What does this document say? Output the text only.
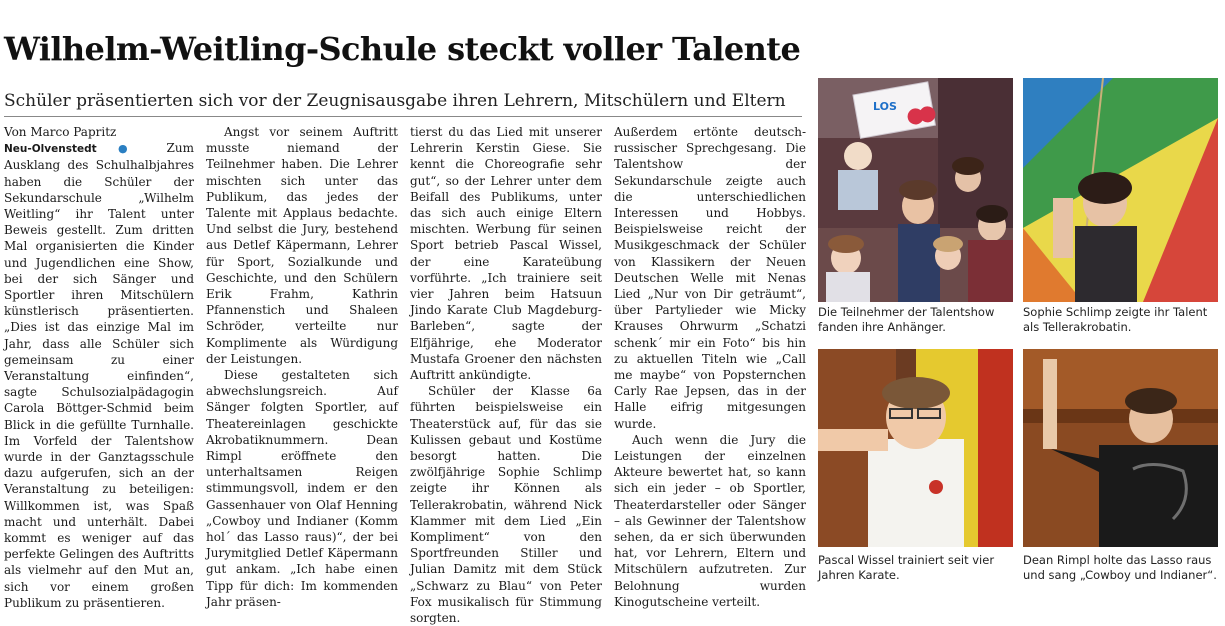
Wilhelm-Weitling-Schule steckt voller Talente

Schüler präsentierten sich vor der Zeugnisausgabe ihren Lehrern, Mitschülern und Eltern

Von Marco Papritz

Neu-Olvenstedt ● Zum Ausklang des Schulhalbjahres haben die Schüler der Sekundarschule „Wilhelm Weitling“ ihr Talent unter Beweis gestellt. Zum dritten Mal organisierten die Kinder und Jugendlichen eine Show, bei der sich Sänger und Sportler ihren Mitschülern künstlerisch präsentierten. „Dies ist das einzige Mal im Jahr, dass alle Schüler sich gemeinsam zu einer Veranstaltung einfinden“, sagte Schulsozialpädagogin Carola Böttger-Schmid beim Blick in die gefüllte Turnhalle. Im Vorfeld der Talentshow wurde in der Ganztagsschule dazu aufgerufen, sich an der Veranstaltung zu beteiligen: Willkommen ist, was Spaß macht und unterhält. Dabei kommt es weniger auf das perfekte Gelingen des Auftritts als vielmehr auf den Mut an, sich vor einem großen Publikum zu präsentieren.

Angst vor seinem Auftritt musste niemand der Teilnehmer haben. Die Lehrer mischten sich unter das Publikum, das jedes der Talente mit Applaus bedachte. Und selbst die Jury, bestehend aus Detlef Käpermann, Lehrer für Sport, Sozialkunde und Geschichte, und den Schülern Erik Frahm, Kathrin Pfannenstich und Shaleen Schröder, verteilte nur Komplimente als Würdigung der Leistungen.

Diese gestalteten sich abwechslungsreich. Auf Sänger folgten Sportler, auf Theatereinlagen geschickte Akrobatiknummern. Dean Rimpl eröffnete den unterhaltsamen Reigen stimmungsvoll, indem er den Gassenhauer von Olaf Henning „Cowboy und Indianer (Komm hol´ das Lasso raus)“, der bei Jurymitglied Detlef Käpermann gut ankam. „Ich habe einen Tipp für dich: Im kommenden Jahr präsen-

tierst du das Lied mit unserer Lehrerin Kerstin Giese. Sie kennt die Choreografie sehr gut“, so der Lehrer unter dem Beifall des Publikums, unter das sich auch einige Eltern mischten. Werbung für seinen Sport betrieb Pascal Wissel, der eine Karateübung vorführte. „Ich trainiere seit vier Jahren beim Hatsuun Jindo Karate Club Magdeburg-Barleben“, sagte der Elfjährige, ehe Moderator Mustafa Groener den nächsten Auftritt ankündigte.

Schüler der Klasse 6a führten beispielsweise ein Theaterstück auf, für das sie Kulissen gebaut und Kostüme besorgt hatten. Die zwölfjährige Sophie Schlimp zeigte ihr Können als Tellerakrobatin, während Nick Klammer mit dem Lied „Ein Kompliment“ von den Sportfreunden Stiller und Julian Damitz mit dem Stück „Schwarz zu Blau“ von Peter Fox musikalisch für Stimmung sorgten.

Außerdem ertönte deutsch-russischer Sprechgesang. Die Talentshow der Sekundarschule zeigte auch die unterschiedlichen Interessen und Hobbys. Beispielsweise reicht der Musikgeschmack der Schüler von Klassikern der Neuen Deutschen Welle mit Nenas Lied „Nur von Dir geträumt“, über Partylieder wie Micky Krauses Ohrwurm „Schatzi schenk´ mir ein Foto“ bis hin zu aktuellen Titeln wie „Call me maybe“ von Popsternchen Carly Rae Jepsen, das in der Halle eifrig mitgesungen wurde.

Auch wenn die Jury die Leistungen der einzelnen Akteure bewertet hat, so kann sich ein jeder – ob Sportler, Theaterdarsteller oder Sänger – als Gewinner der Talentshow sehen, da er sich überwunden hat, vor Lehrern, Eltern und Mitschülern aufzutreten. Zur Belohnung wurden Kinogutscheine verteilt.

LOS

Die Teilnehmer der Talentshow fanden ihre Anhänger.

Sophie Schlimp zeigte ihr Talent als Tellerakrobatin.

Pascal Wissel trainiert seit vier Jahren Karate.

Dean Rimpl holte das Lasso raus und sang „Cowboy und Indianer“.
